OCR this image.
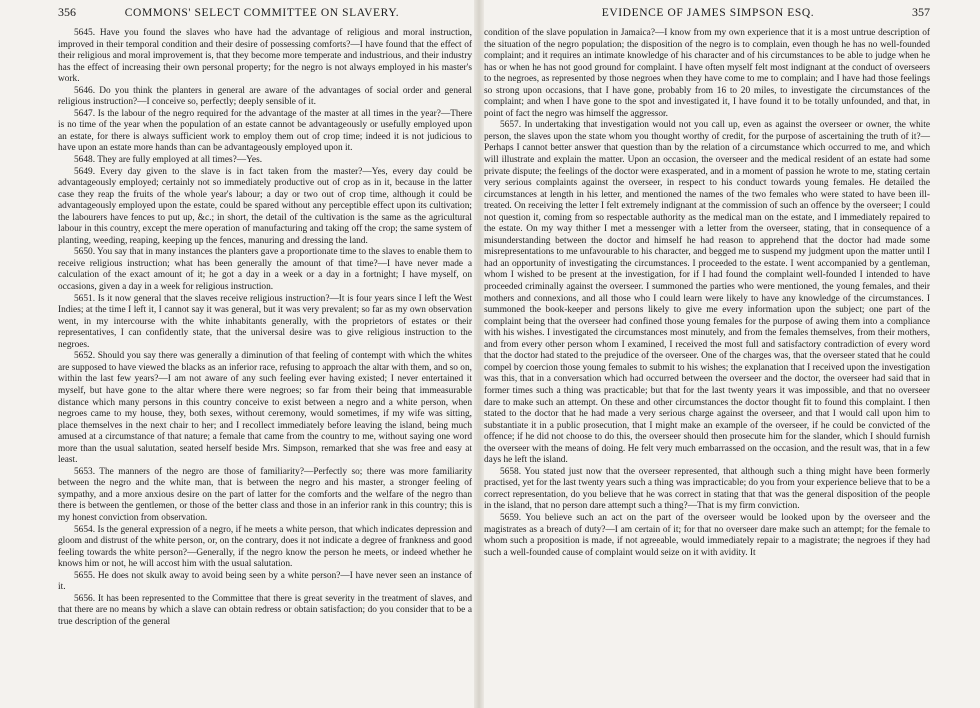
356	COMMONS' SELECT COMMITTEE ON SLAVERY.

5645. Have you found the slaves who have had the advantage of religious and moral instruction, improved in their temporal condition and their desire of possessing comforts?—I have found that the effect of their religious and moral improvement is, that they become more temperate and industrious, and their industry has the effect of increasing their own personal property; for the negro is not always employed in his master's work.

5646. Do you think the planters in general are aware of the advantages of social order and general religious instruction?—I conceive so, perfectly; deeply sensible of it.

5647. Is the labour of the negro required for the advantage of the master at all times in the year?—There is no time of the year when the population of an estate cannot be advantageously or usefully employed upon an estate, for there is always sufficient work to employ them out of crop time; indeed it is not judicious to have upon an estate more hands than can be advantageously employed upon it.

5648. They are fully employed at all times?—Yes.

5649. Every day given to the slave is in fact taken from the master?—Yes, every day could be advantageously employed; certainly not so immediately productive out of crop as in it, because in the latter case they reap the fruits of the whole year's labour; a day or two out of crop time, although it could be advantageously employed upon the estate, could be spared without any perceptible effect upon its cultivation; the labourers have fences to put up, &c.; in short, the detail of the cultivation is the same as the agricultural labour in this country, except the mere operation of manufacturing and taking off the crop; the same system of planting, weeding, reaping, keeping up the fences, manuring and dressing the land.

5650. You say that in many instances the planters gave a proportionate time to the slaves to enable them to receive religious instruction; what has been generally the amount of that time?—I have never made a calculation of the exact amount of it; he got a day in a week or a day in a fortnight; I have myself, on occasions, given a day in a week for religious instruction.

5651. Is it now general that the slaves receive religious instruction?—It is four years since I left the West Indies; at the time I left it, I cannot say it was general, but it was very prevalent; so far as my own observation went, in my intercourse with the white inhabitants generally, with the proprietors of estates or their representatives, I can confidently state, that the universal desire was to give religious instruction to the negroes.

5652. Should you say there was generally a diminution of that feeling of contempt with which the whites are supposed to have viewed the blacks as an inferior race, refusing to approach the altar with them, and so on, within the last few years?—I am not aware of any such feeling ever having existed; I never entertained it myself, but have gone to the altar where there were negroes; so far from their being that immeasurable distance which many persons in this country conceive to exist between a negro and a white person, when negroes came to my house, they, both sexes, without ceremony, would sometimes, if my wife was sitting, place themselves in the next chair to her; and I recollect immediately before leaving the island, being much amused at a circumstance of that nature; a female that came from the country to me, without saying one word more than the usual salutation, seated herself beside Mrs. Simpson, remarked that she was free and easy at least.

5653. The manners of the negro are those of familiarity?—Perfectly so; there was more familiarity between the negro and the white man, that is between the negro and his master, a stronger feeling of sympathy, and a more anxious desire on the part of latter for the comforts and the welfare of the negro than there is between the gentlemen, or those of the better class and those in an inferior rank in this country; this is my honest conviction from observation.

5654. Is the general expression of a negro, if he meets a white person, that which indicates depression and gloom and distrust of the white person, or, on the contrary, does it not indicate a degree of frankness and good feeling towards the white person?—Generally, if the negro know the person he meets, or indeed whether he knows him or not, he will accost him with the usual salutation.

5655. He does not skulk away to avoid being seen by a white person?—I have never seen an instance of it.

5656. It has been represented to the Committee that there is great severity in the treatment of slaves, and that there are no means by which a slave can obtain redress or obtain satisfaction; do you consider that to be a true description of the general

EVIDENCE OF JAMES SIMPSON ESQ.	357

condition of the slave population in Jamaica?—I know from my own experience that it is a most untrue description of the situation of the negro population; the disposition of the negro is to complain, even though he has no well-founded complaint; and it requires an intimate knowledge of his character and of his circumstances to be able to judge when he has or when he has not good ground for complaint. I have often myself felt most indignant at the conduct of overseers to the negroes, as represented by those negroes when they have come to me to complain; and I have had those feelings so strong upon occasions, that I have gone, probably from 16 to 20 miles, to investigate the circumstances of the complaint; and when I have gone to the spot and investigated it, I have found it to be totally unfounded, and that, in point of fact the negro was himself the aggressor.

5657. In undertaking that investigation would not you call up, even as against the overseer or owner, the white person, the slaves upon the state whom you thought worthy of credit, for the purpose of ascertaining the truth of it?—Perhaps I cannot better answer that question than by the relation of a circumstance which occurred to me, and which will illustrate and explain the matter. Upon an occasion, the overseer and the medical resident of an estate had some private dispute; the feelings of the doctor were exasperated, and in a moment of passion he wrote to me, stating certain very serious complaints against the overseer, in respect to his conduct towards young females. He detailed the circumstances at length in his letter, and mentioned the names of the two females who were stated to have been ill-treated. On receiving the letter I felt extremely indignant at the commission of such an offence by the overseer; I could not question it, coming from so respectable authority as the medical man on the estate, and I immediately repaired to the estate. On my way thither I met a messenger with a letter from the overseer, stating, that in consequence of a misunderstanding between the doctor and himself he had reason to apprehend that the doctor had made some misrepresentations to me unfavourable to his character, and begged me to suspend my judgment upon the matter until I had an opportunity of investigating the circumstances. I proceeded to the estate. I went accompanied by a gentleman, whom I wished to be present at the investigation, for if I had found the complaint well-founded I intended to have proceeded criminally against the overseer. I summoned the parties who were mentioned, the young females, and their mothers and connexions, and all those who I could learn were likely to have any knowledge of the circumstances. I summoned the book-keeper and persons likely to give me every information upon the subject; one part of the complaint being that the overseer had confined those young females for the purpose of awing them into a compliance with his wishes. I investigated the circumstances most minutely, and from the females themselves, from their mothers, and from every other person whom I examined, I received the most full and satisfactory contradiction of every word that the doctor had stated to the prejudice of the overseer. One of the charges was, that the overseer stated that he could compel by coercion those young females to submit to his wishes; the explanation that I received upon the investigation was this, that in a conversation which had occurred between the overseer and the doctor, the overseer had said that in former times such a thing was practicable; but that for the last twenty years it was impossible, and that no overseer dare to make such an attempt. On these and other circumstances the doctor thought fit to found this complaint. I then stated to the doctor that he had made a very serious charge against the overseer, and that I would call upon him to substantiate it in a public prosecution, that I might make an example of the overseer, if he could be convicted of the offence; if he did not choose to do this, the overseer should then prosecute him for the slander, which I should furnish the overseer with the means of doing. He felt very much embarrassed on the occasion, and the result was, that in a few days he left the island.

5658. You stated just now that the overseer represented, that although such a thing might have been formerly practised, yet for the last twenty years such a thing was impracticable; do you from your experience believe that to be a correct representation, do you believe that he was correct in stating that that was the general disposition of the people in the island, that no person dare attempt such a thing?—That is my firm conviction.

5659. You believe such an act on the part of the overseer would be looked upon by the overseer and the magistrates as a breach of duty?—I am certain of it; for that no overseer dare make such an attempt; for the female to whom such a proposition is made, if not agreeable, would immediately repair to a magistrate; the negroes if they had such a well-founded cause of complaint would seize on it with avidity. It
